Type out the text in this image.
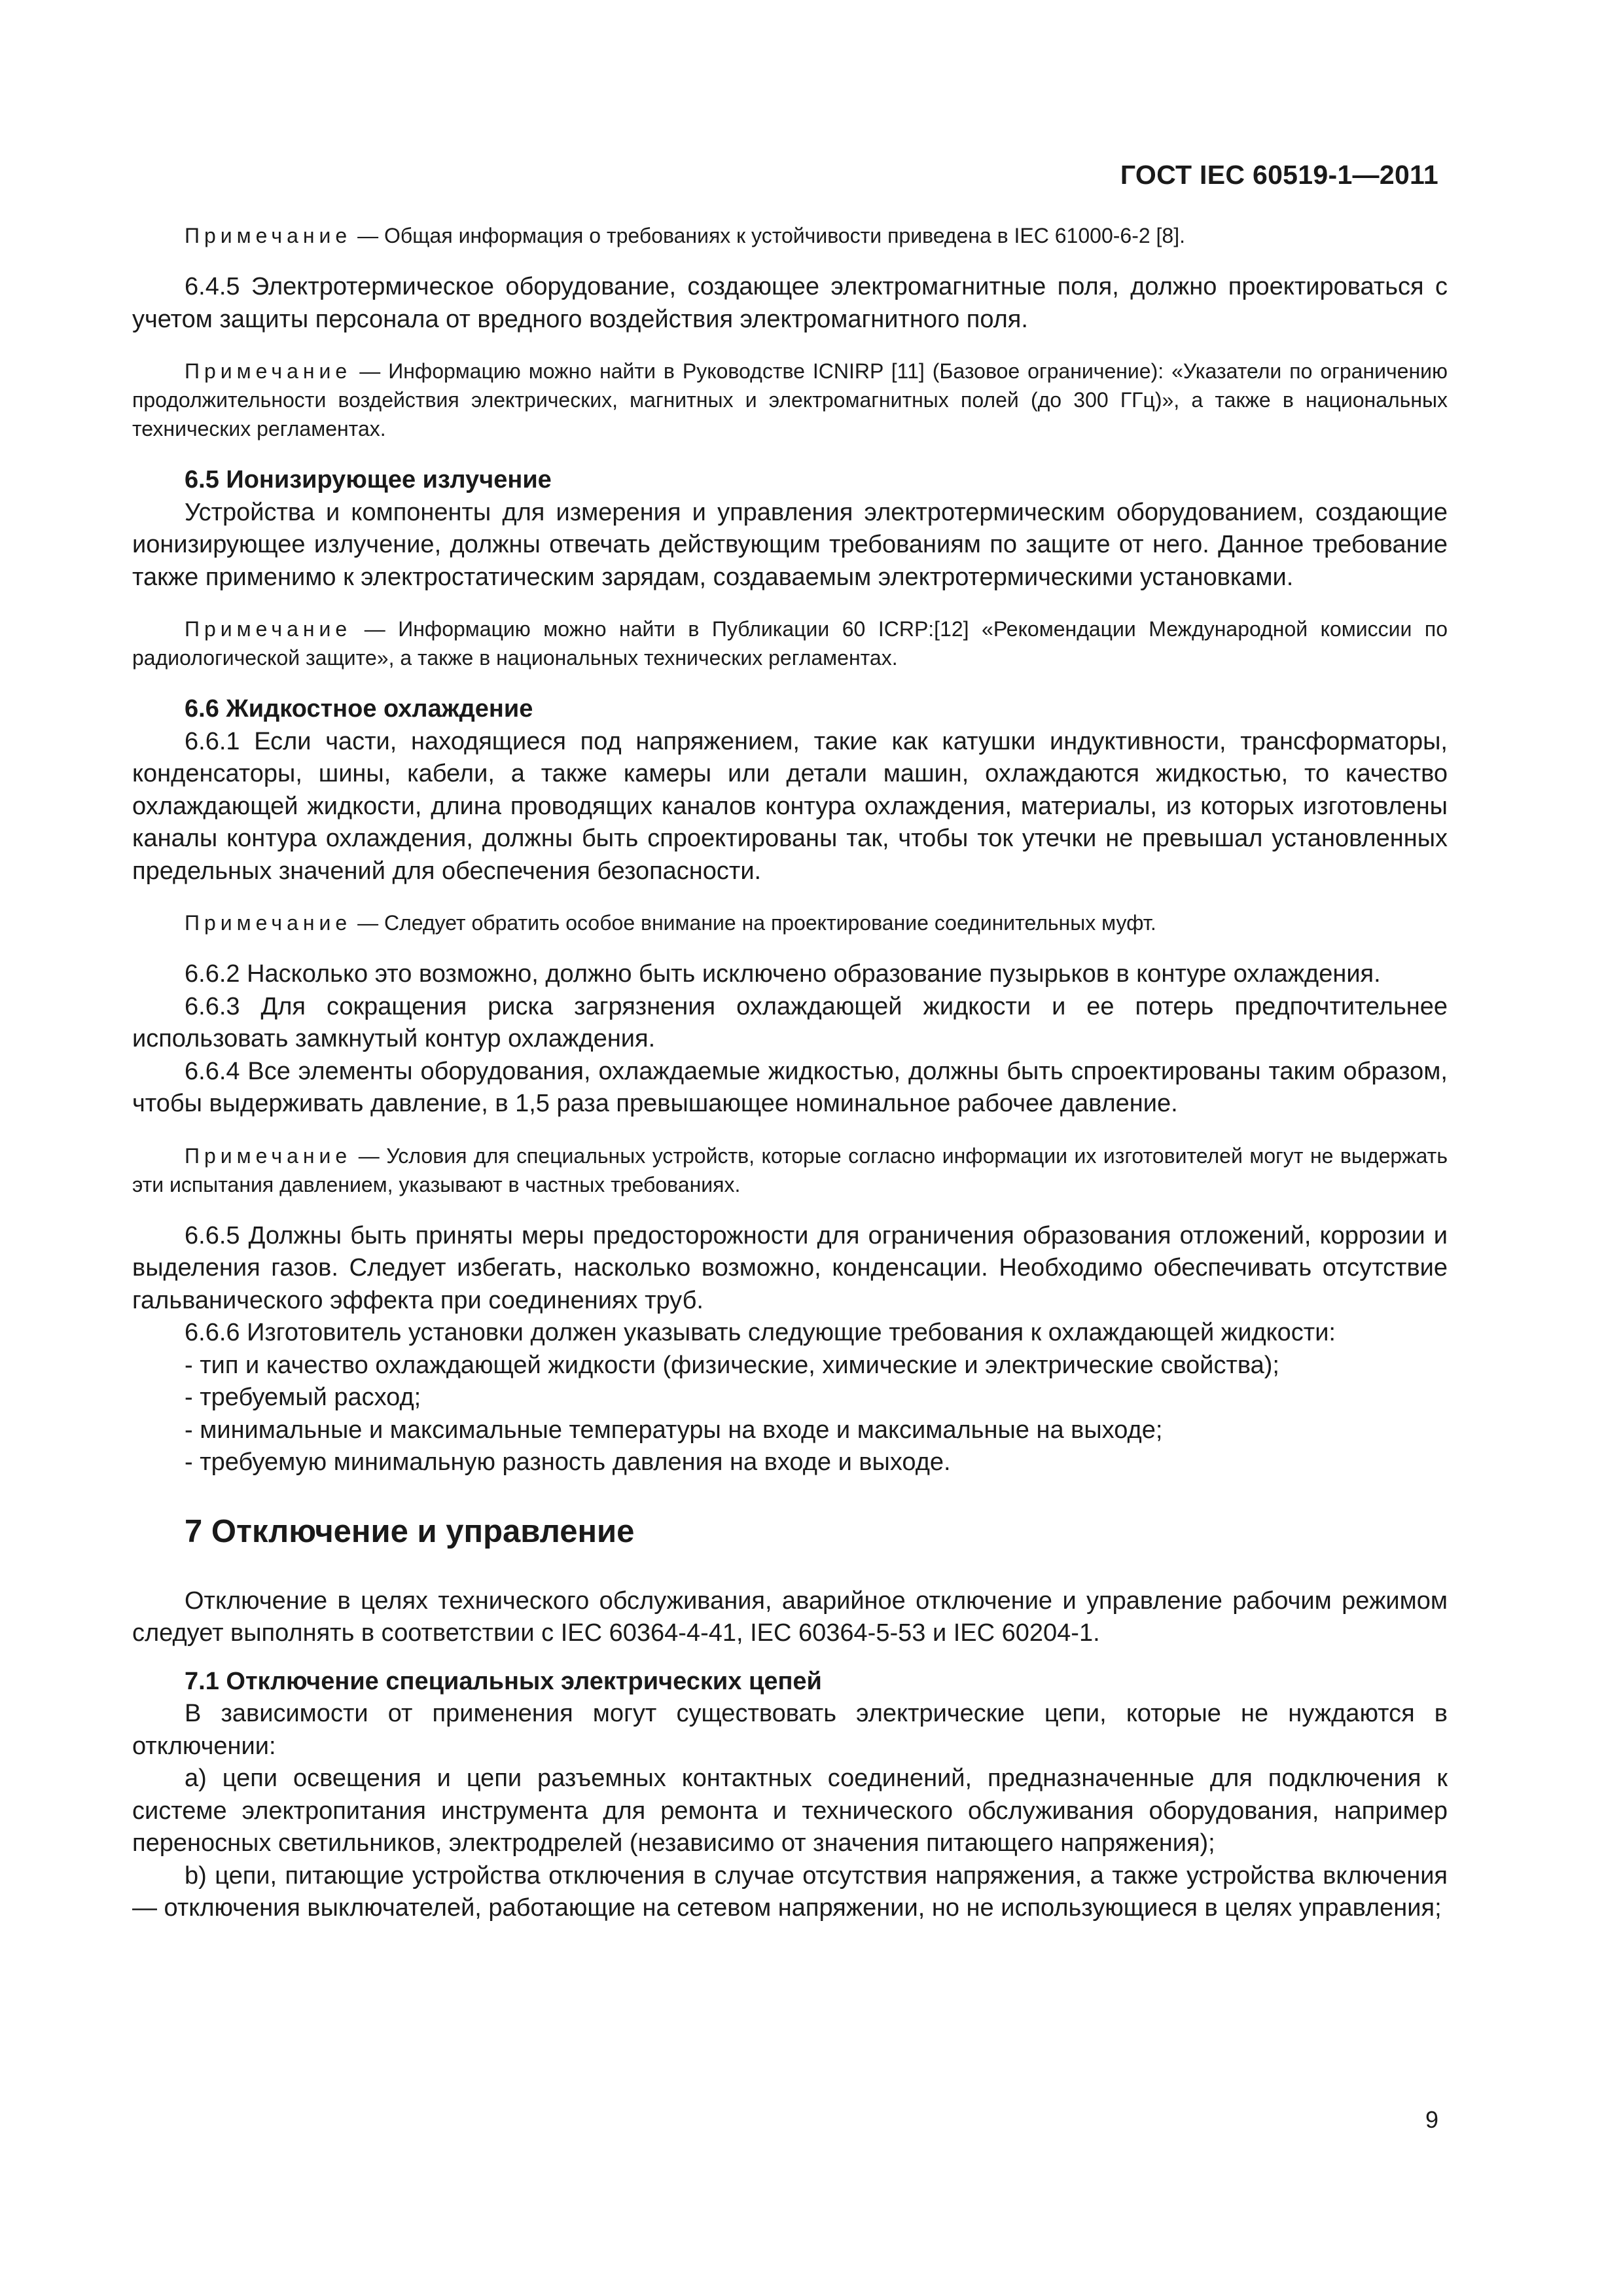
ГОСТ IEC 60519-1—2011

Примечание — Общая информация о требованиях к устойчивости приведена в IEC 61000-6-2 [8].

6.4.5 Электротермическое оборудование, создающее электромагнитные поля, должно проектироваться с учетом защиты персонала от вредного воздействия электромагнитного поля.

Примечание — Информацию можно найти в Руководстве ICNIRP [11] (Базовое ограничение): «Указатели по ограничению продолжительности воздействия электрических, магнитных и электромагнитных полей (до 300 ГГц)», а также в национальных технических регламентах.

6.5 Ионизирующее излучение

Устройства и компоненты для измерения и управления электротермическим оборудованием, создающие ионизирующее излучение, должны отвечать действующим требованиям по защите от него. Данное требование также применимо к электростатическим зарядам, создаваемым электротермическими установками.

Примечание — Информацию можно найти в Публикации 60 ICRP:[12] «Рекомендации Международной комиссии по радиологической защите», а также в национальных технических регламентах.

6.6 Жидкостное охлаждение

6.6.1 Если части, находящиеся под напряжением, такие как катушки индуктивности, трансформаторы, конденсаторы, шины, кабели, а также камеры или детали машин, охлаждаются жидкостью, то качество охлаждающей жидкости, длина проводящих каналов контура охлаждения, материалы, из которых изготовлены каналы контура охлаждения, должны быть спроектированы так, чтобы ток утечки не превышал установленных предельных значений для обеспечения безопасности.

Примечание — Следует обратить особое внимание на проектирование соединительных муфт.

6.6.2 Насколько это возможно, должно быть исключено образование пузырьков в контуре охлаждения.

6.6.3 Для сокращения риска загрязнения охлаждающей жидкости и ее потерь предпочтительнее использовать замкнутый контур охлаждения.

6.6.4 Все элементы оборудования, охлаждаемые жидкостью, должны быть спроектированы таким образом, чтобы выдерживать давление, в 1,5 раза превышающее номинальное рабочее давление.

Примечание — Условия для специальных устройств, которые согласно информации их изготовителей могут не выдержать эти испытания давлением, указывают в частных требованиях.

6.6.5 Должны быть приняты меры предосторожности для ограничения образования отложений, коррозии и выделения газов. Следует избегать, насколько возможно, конденсации. Необходимо обеспечивать отсутствие гальванического эффекта при соединениях труб.

6.6.6 Изготовитель установки должен указывать следующие требования к охлаждающей жидкости:

- тип и качество охлаждающей жидкости (физические, химические и электрические свойства);
- требуемый расход;
- минимальные и максимальные температуры на входе и максимальные на выходе;
- требуемую минимальную разность давления на входе и выходе.

7 Отключение и управление

Отключение в целях технического обслуживания, аварийное отключение и управление рабочим режимом следует выполнять в соответствии с IEC 60364-4-41, IEC 60364-5-53 и IEC 60204-1.

7.1 Отключение специальных электрических цепей

В зависимости от применения могут существовать электрические цепи, которые не нуждаются в отключении:

a) цепи освещения и цепи разъемных контактных соединений, предназначенные для подключения к системе электропитания инструмента для ремонта и технического обслуживания оборудования, например переносных светильников, электродрелей (независимо от значения питающего напряжения);

b) цепи, питающие устройства отключения в случае отсутствия напряжения, а также устройства включения — отключения выключателей, работающие на сетевом напряжении, но не использующиеся в целях управления;

9
